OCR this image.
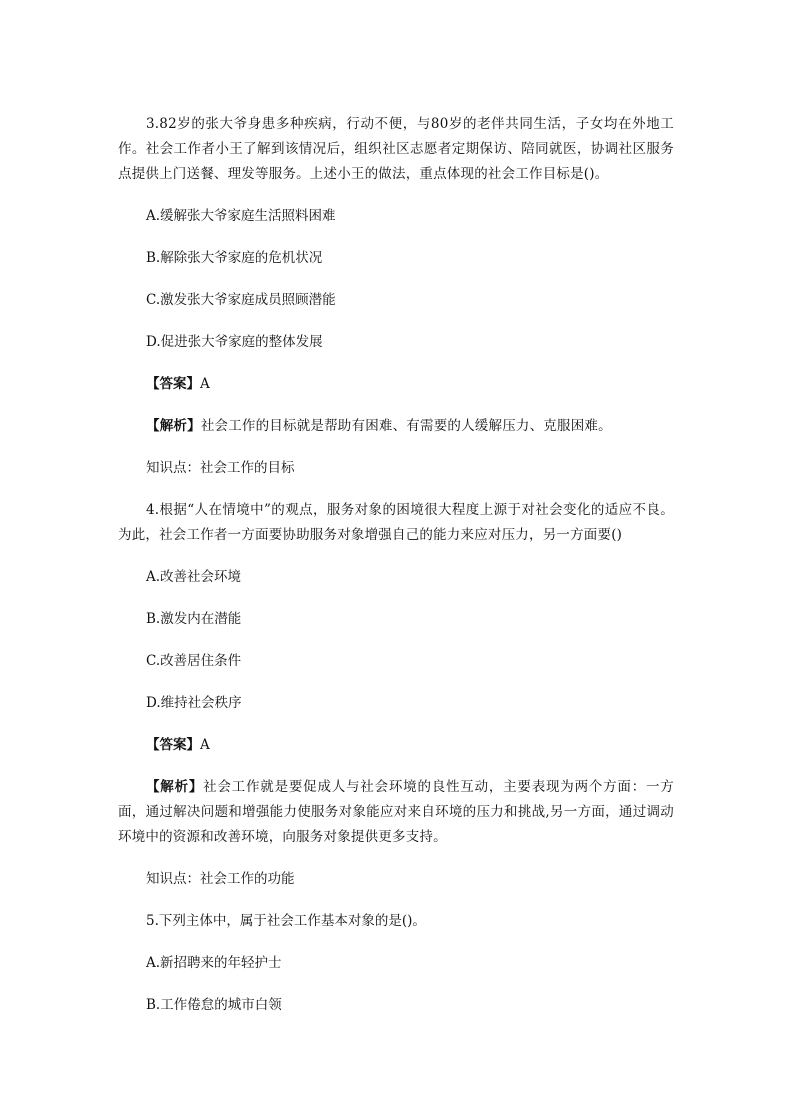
3.82岁的张大爷身患多种疾病，行动不便，与80岁的老伴共同生活，子女均在外地工作。社会工作者小王了解到该情况后，组织社区志愿者定期保访、陪同就医，协调社区服务点提供上门送餐、理发等服务。上述小王的做法，重点体现的社会工作目标是()。

A.缓解张大爷家庭生活照料困难

B.解除张大爷家庭的危机状况

C.激发张大爷家庭成员照顾潜能

D.促进张大爷家庭的整体发展

【答案】A

【解析】社会工作的目标就是帮助有困难、有需要的人缓解压力、克服困难。

知识点：社会工作的目标

4.根据“人在情境中”的观点，服务对象的困境很大程度上源于对社会变化的适应不良。为此，社会工作者一方面要协助服务对象增强自己的能力来应对压力，另一方面要()

A.改善社会环境

B.激发内在潜能

C.改善居住条件

D.维持社会秩序

【答案】A

【解析】社会工作就是要促成人与社会环境的良性互动，主要表现为两个方面：一方面，通过解决问题和增强能力使服务对象能应对来自环境的压力和挑战,另一方面，通过调动环境中的资源和改善环境，向服务对象提供更多支持。

知识点：社会工作的功能

5.下列主体中，属于社会工作基本对象的是()。

A.新招聘来的年轻护士

B.工作倦怠的城市白领
